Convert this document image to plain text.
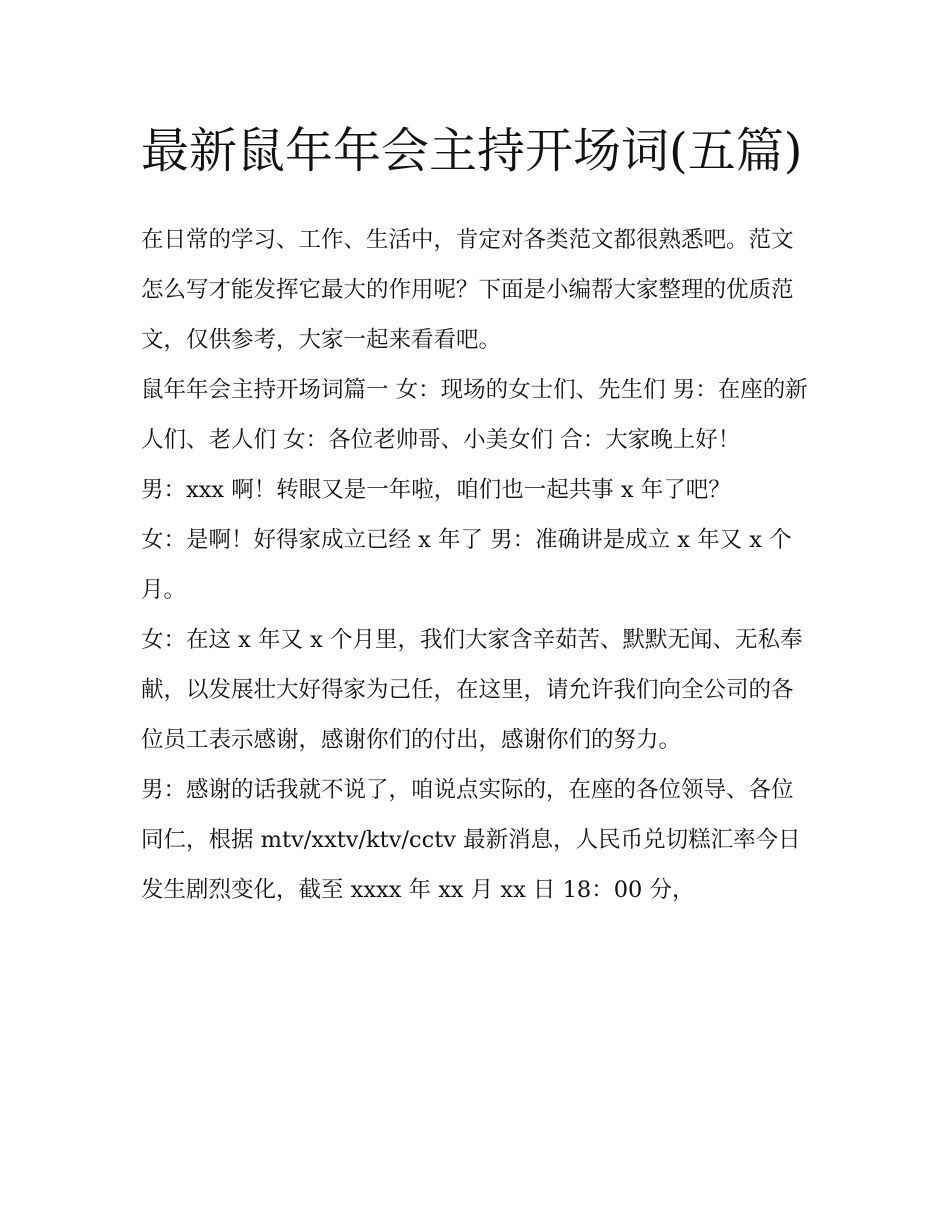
最新鼠年年会主持开场词(五篇)

在日常的学习、工作、生活中，肯定对各类范文都很熟悉吧。范文怎么写才能发挥它最大的作用呢？下面是小编帮大家整理的优质范文，仅供参考，大家一起来看看吧。

鼠年年会主持开场词篇一 女：现场的女士们、先生们 男：在座的新人们、老人们 女：各位老帅哥、小美女们 合：大家晚上好！

男：xxx 啊！转眼又是一年啦，咱们也一起共事 x 年了吧？

女：是啊！好得家成立已经 x 年了 男：准确讲是成立 x 年又 x 个月。

女：在这 x 年又 x 个月里，我们大家含辛茹苦、默默无闻、无私奉献，以发展壮大好得家为己任，在这里，请允许我们向全公司的各位员工表示感谢，感谢你们的付出，感谢你们的努力。

男：感谢的话我就不说了，咱说点实际的，在座的各位领导、各位同仁，根据 mtv/xxtv/ktv/cctv 最新消息，人民币兑切糕汇率今日发生剧烈变化，截至 xxxx 年 xx 月 xx 日 18：00 分，
